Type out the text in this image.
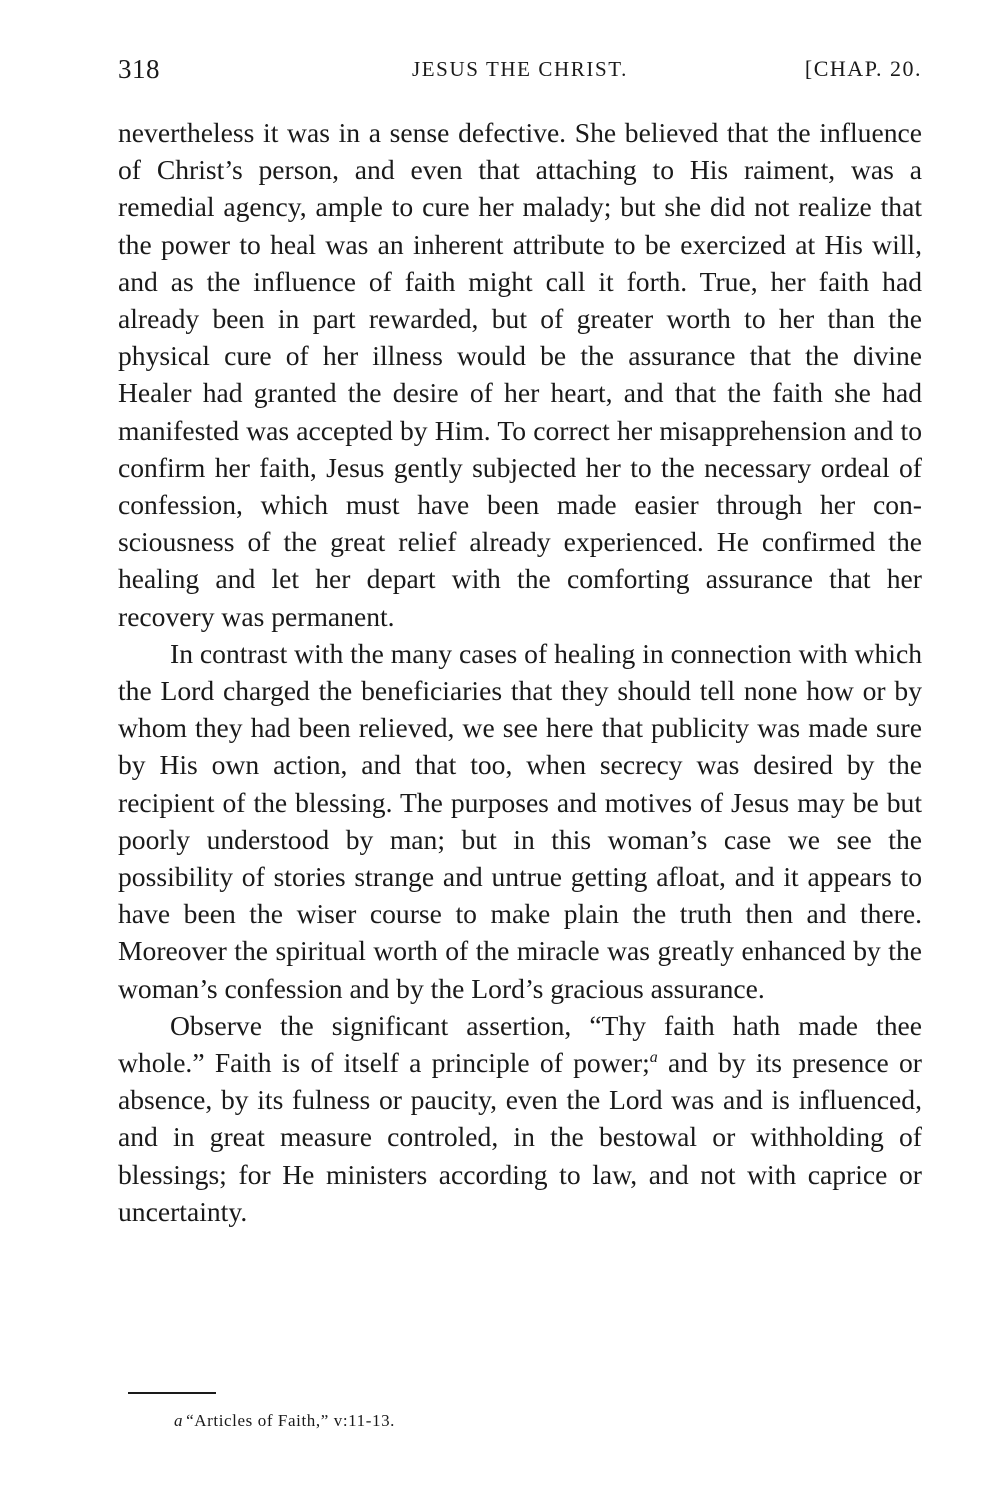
318	JESUS THE CHRIST.	[CHAP. 20.

nevertheless it was in a sense defective. She believed that the influence of Christ’s person, and even that attaching to His raiment, was a remedial agency, ample to cure her malady; but she did not realize that the power to heal was an inherent attribute to be exercized at His will, and as the influence of faith might call it forth. True, her faith had already been in part rewarded, but of greater worth to her than the physical cure of her illness would be the assurance that the divine Healer had granted the desire of her heart, and that the faith she had manifested was accepted by Him. To correct her misapprehension and to confirm her faith, Jesus gently subjected her to the necessary ordeal of confession, which must have been made easier through her consciousness of the great relief already experienced. He confirmed the healing and let her depart with the comforting assurance that her recovery was permanent.

In contrast with the many cases of healing in connection with which the Lord charged the beneficiaries that they should tell none how or by whom they had been relieved, we see here that publicity was made sure by His own action, and that too, when secrecy was desired by the recipient of the blessing. The purposes and motives of Jesus may be but poorly understood by man; but in this woman’s case we see the possibility of stories strange and untrue getting afloat, and it appears to have been the wiser course to make plain the truth then and there. Moreover the spiritual worth of the miracle was greatly enhanced by the woman’s confession and by the Lord’s gracious assurance.

Observe the significant assertion, “Thy faith hath made thee whole.” Faith is of itself a principle of power;$^a$ and by its presence or absence, by its fulness or paucity, even the Lord was and is influenced, and in great measure controled, in the bestowal or withholding of blessings; for He ministers according to law, and not with caprice or uncertainty.

a “Articles of Faith,” v:11-13.
